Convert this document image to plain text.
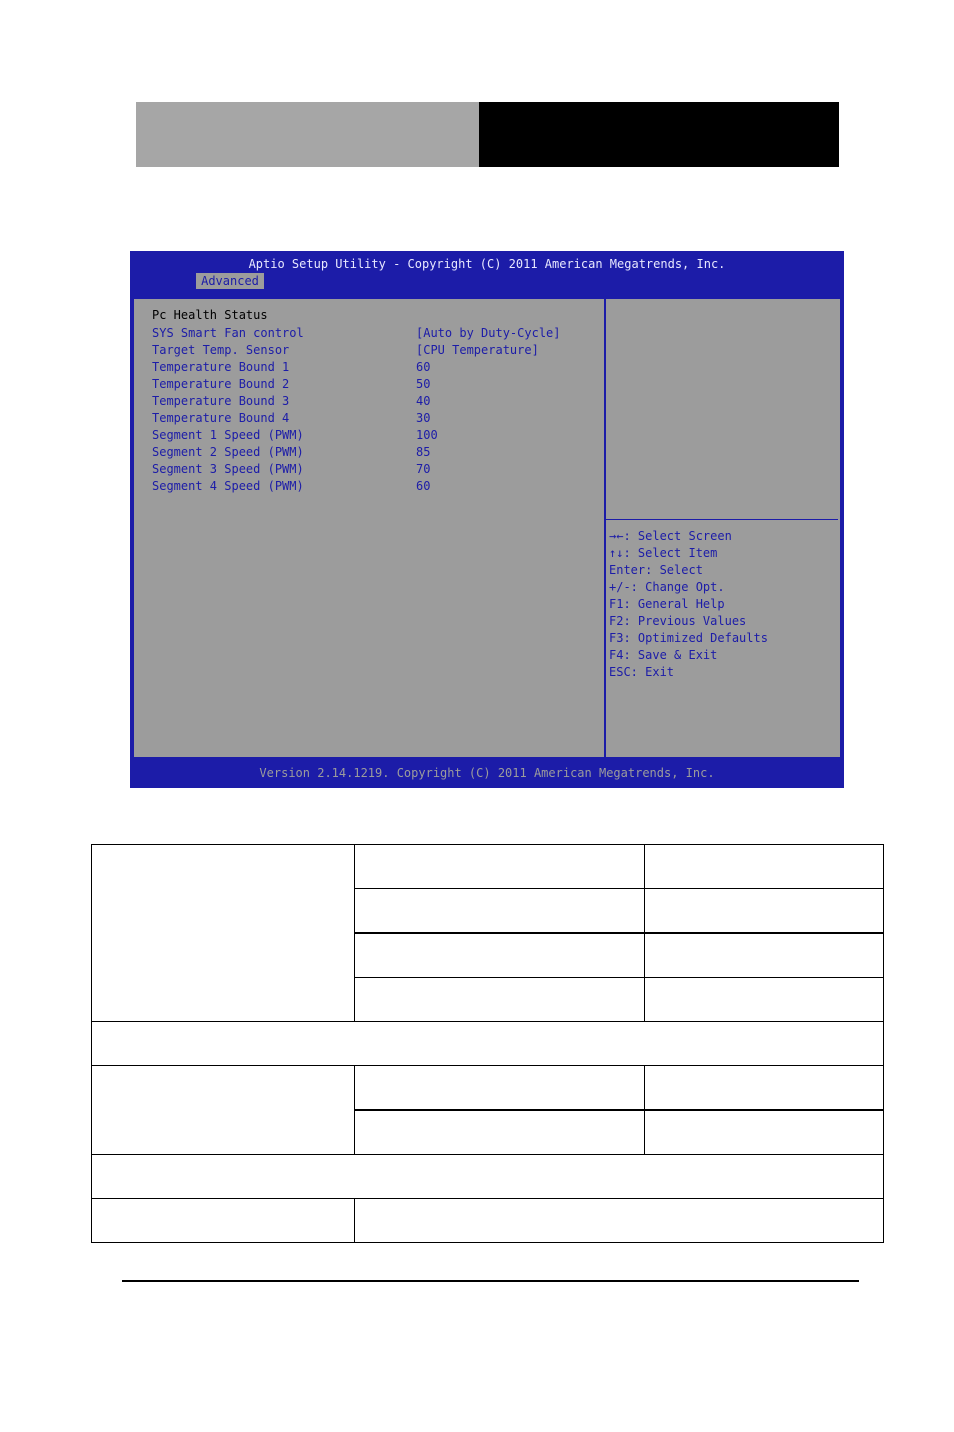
Aptio Setup Utility - Copyright (C) 2011 American Megatrends, Inc.
Advanced
Pc Health Status
SYS Smart Fan control	[Auto by Duty-Cycle]
Target Temp. Sensor	[CPU Temperature]
Temperature Bound 1	60
Temperature Bound 2	50
Temperature Bound 3	40
Temperature Bound 4	30
Segment 1 Speed (PWM)	100
Segment 2 Speed (PWM)	85
Segment 3 Speed (PWM)	70
Segment 4 Speed (PWM)	60
→←: Select Screen
↑↓: Select Item
Enter: Select
+/-: Change Opt.
F1: General Help
F2: Previous Values
F3: Optimized Defaults
F4: Save & Exit
ESC: Exit
Version 2.14.1219. Copyright (C) 2011 American Megatrends, Inc.
